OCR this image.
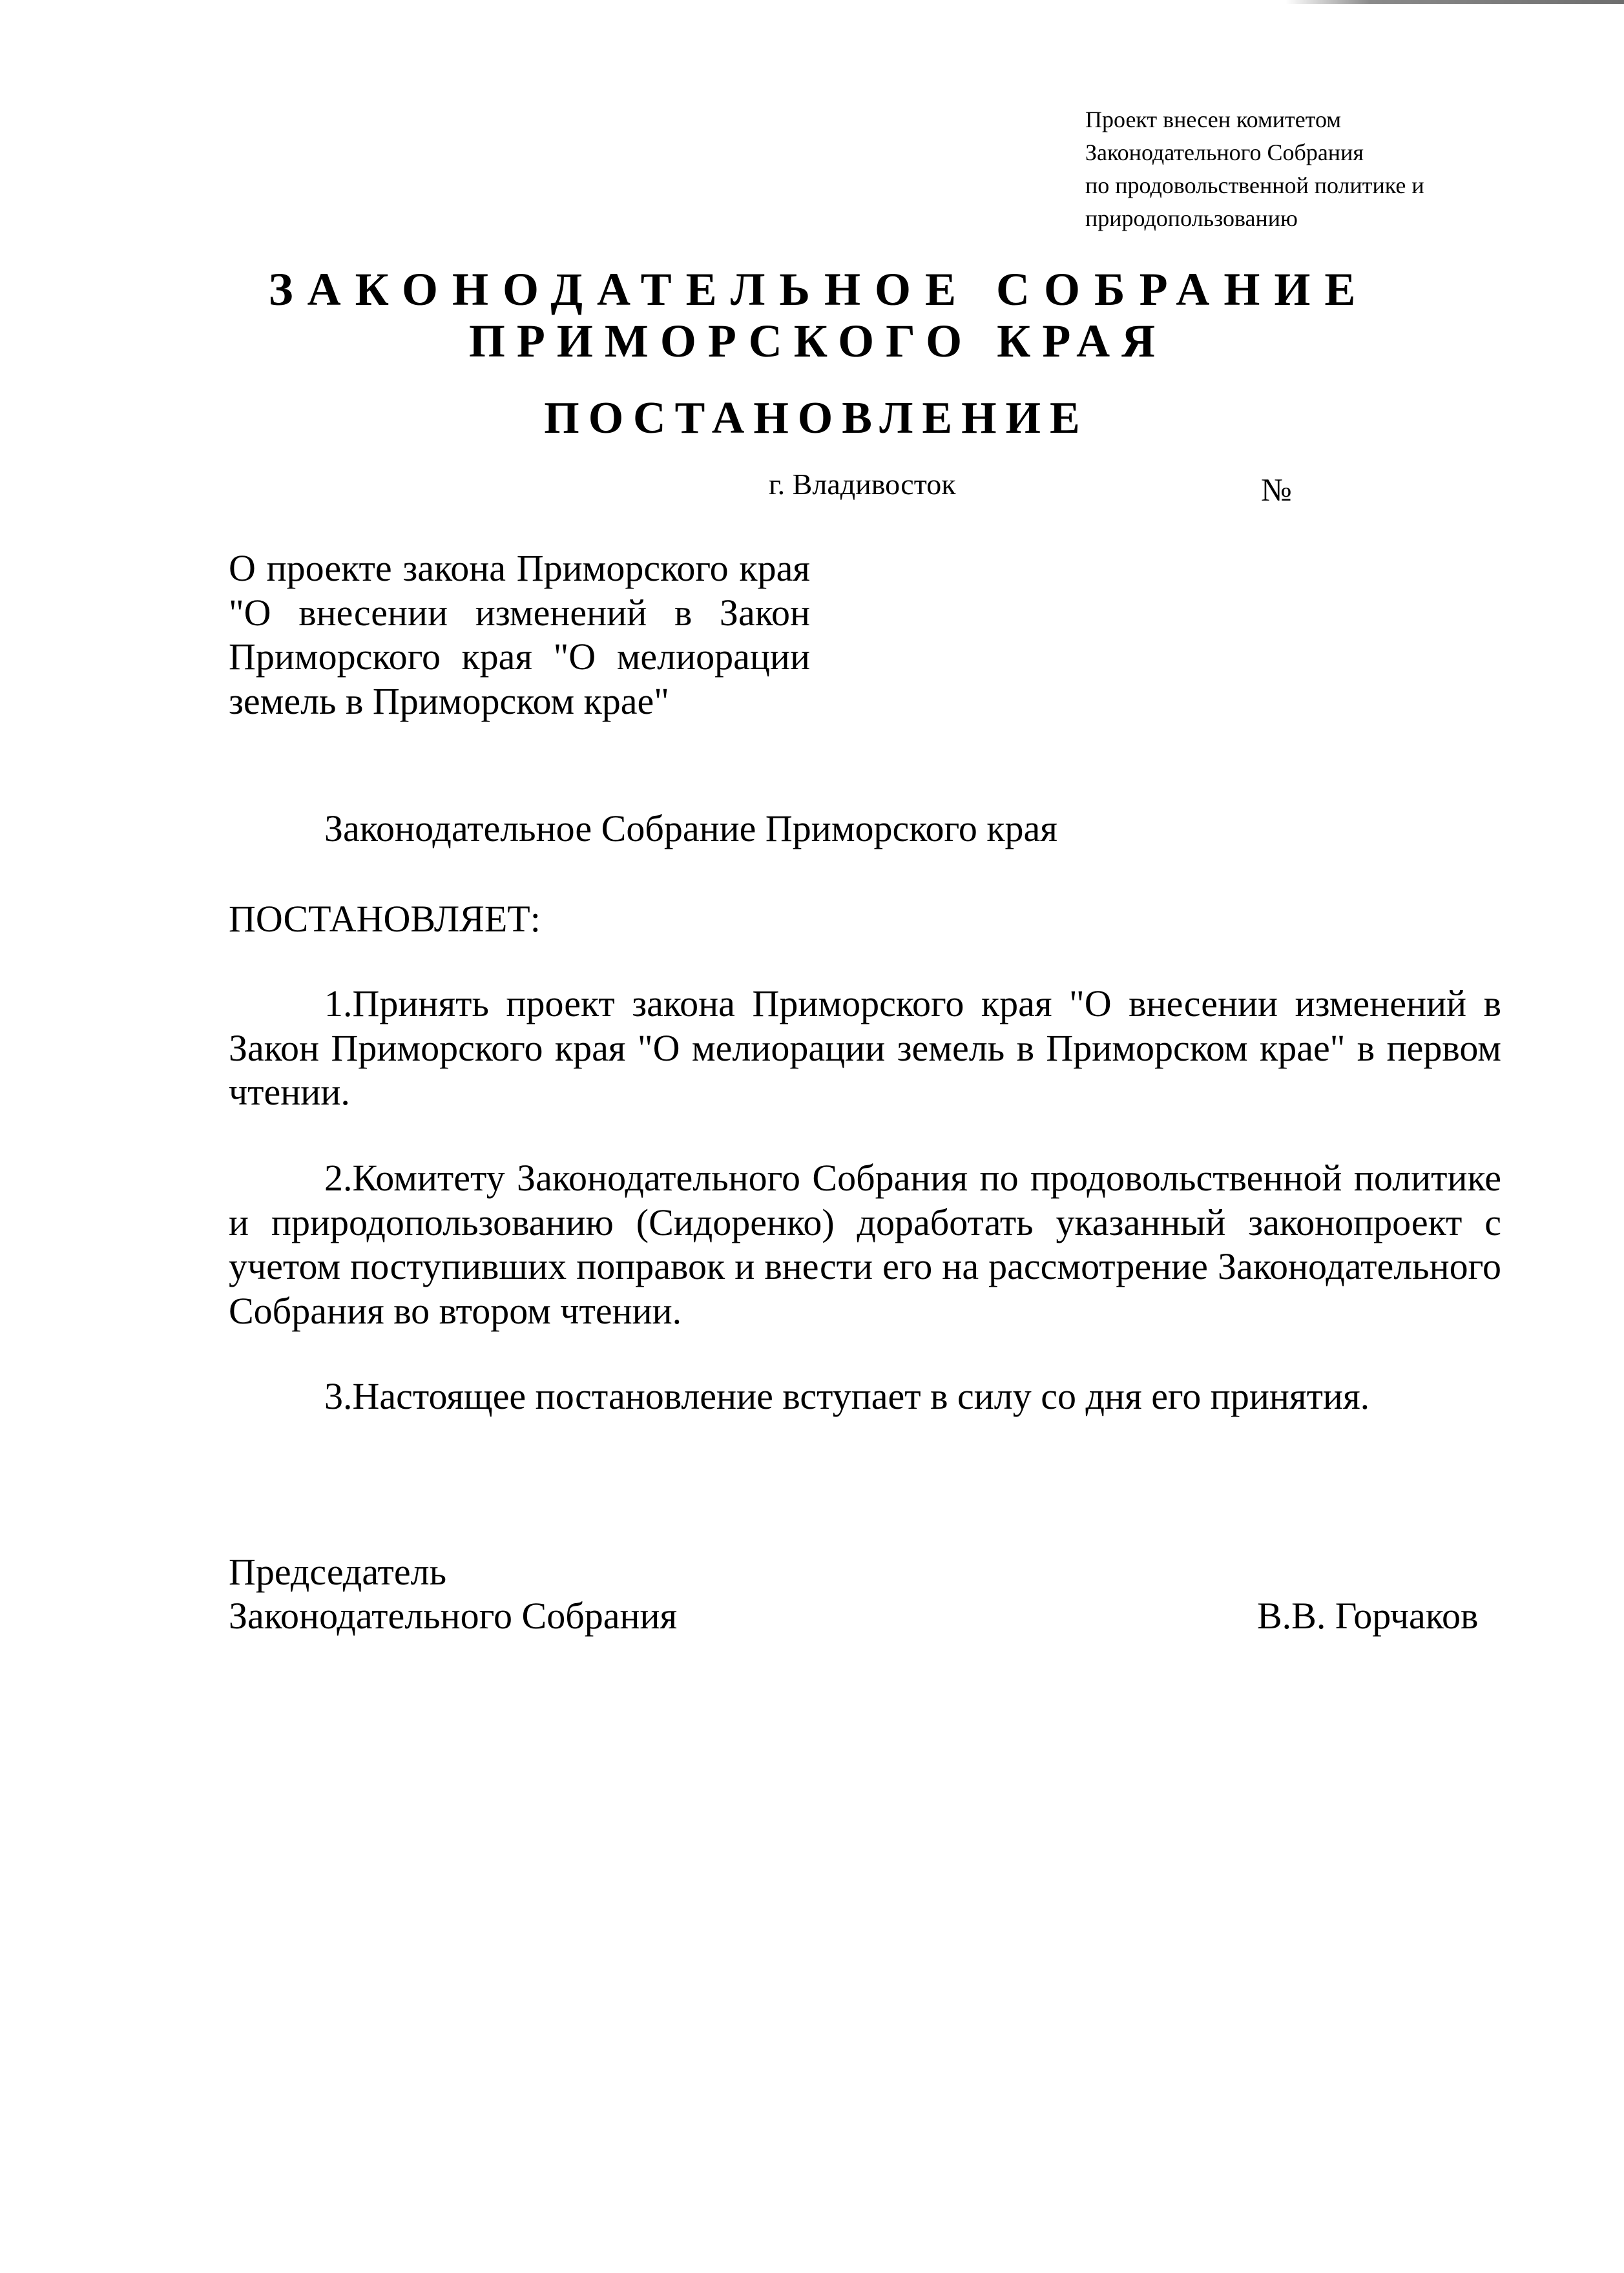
Проект внесен комитетом
Законодательного Собрания
по продовольственной политике и
природопользованию
ЗАКОНОДАТЕЛЬНОЕ СОБРАНИЕ
ПРИМОРСКОГО КРАЯ
ПОСТАНОВЛЕНИЕ
г. Владивосток	№

О проекте закона Приморского края "О внесении изменений в Закон Приморского края "О мелиорации земель в Приморском крае"

Законодательное Собрание Приморского края

ПОСТАНОВЛЯЕТ:

1.Принять проект закона Приморского края "О внесении изменений в Закон Приморского края "О мелиорации земель в Приморском крае" в первом чтении.

2.Комитету Законодательного Собрания по продовольственной политике и природопользованию (Сидоренко) доработать указанный законопроект с учетом поступивших поправок и внести его на рассмотрение Законодательного Собрания во втором чтении.

3.Настоящее постановление вступает в силу со дня его принятия.

Председатель
Законодательного Собрания	В.В. Горчаков
